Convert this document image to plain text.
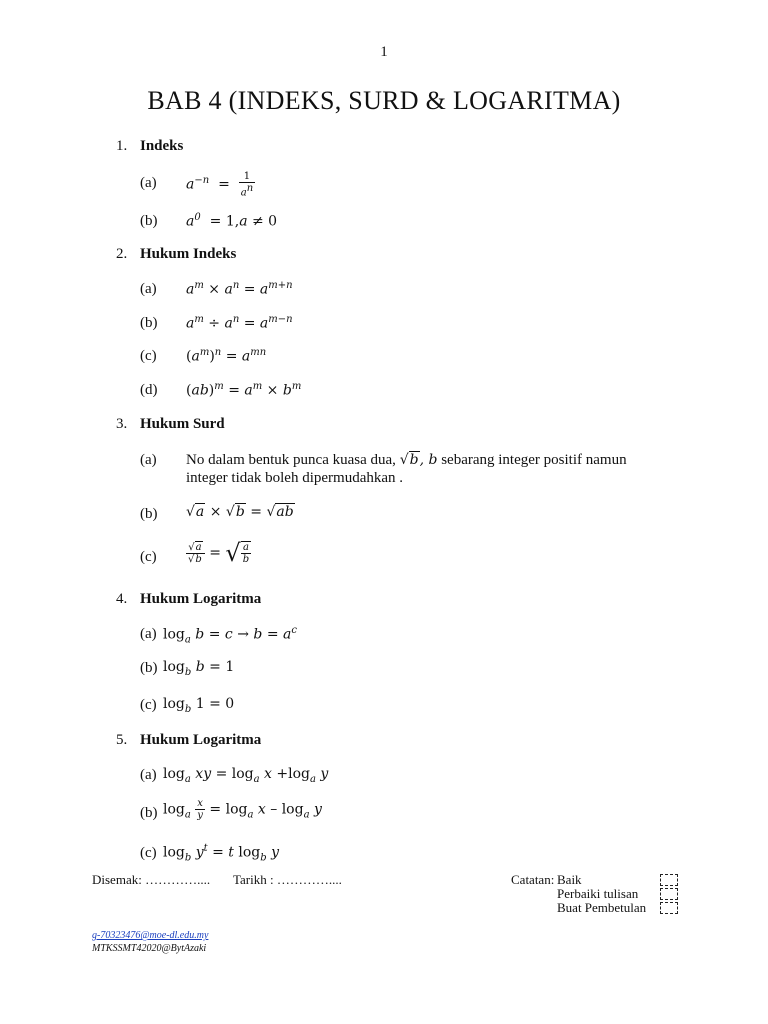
1
BAB 4 (INDEKS, SURD & LOGARITMA)
1. Indeks
(a) $a^{-n} = \frac{1}{a^n}$
(b) $a^0 = 1,a \ne 0$
2. Hukum Indeks
(a) $a^m \times a^n = a^{m+n}$
(b) $a^m \div a^n = a^{m-n}$
(c) $(a^m)^n = a^{mn}$
(d) $(ab)^m = a^m \times b^m$
3. Hukum Surd
(a) No dalam bentuk punca kuasa dua, √b, b sebarang integer positif namun
integer tidak boleh dipermudahkan .
(b) √a × √b = √ab
(c)	$\frac{√a}{√b}$ = √ $\frac{a}{b}$
4. Hukum Logaritma
(a) $\log_a b = c \to b = a^c$
(b) $\log_b b = 1$
(c) $\log_b 1 = 0$
5. Hukum Logaritma
(a) $\log_a$ xy = $\log_a x +\log_a$ y
(b) $\log_a \frac{x}{y} = \log_a x - \log_a y$
(c) $\log_b y^t = t$ $\log_b y$
Disemak: ………….... Tarikh : …………....	Catatan: Baik
Perbaiki tulisan
Buat Pembetulan
g-70323476@moe-dl.edu.my
MTKSSMT42020@BytAzaki
